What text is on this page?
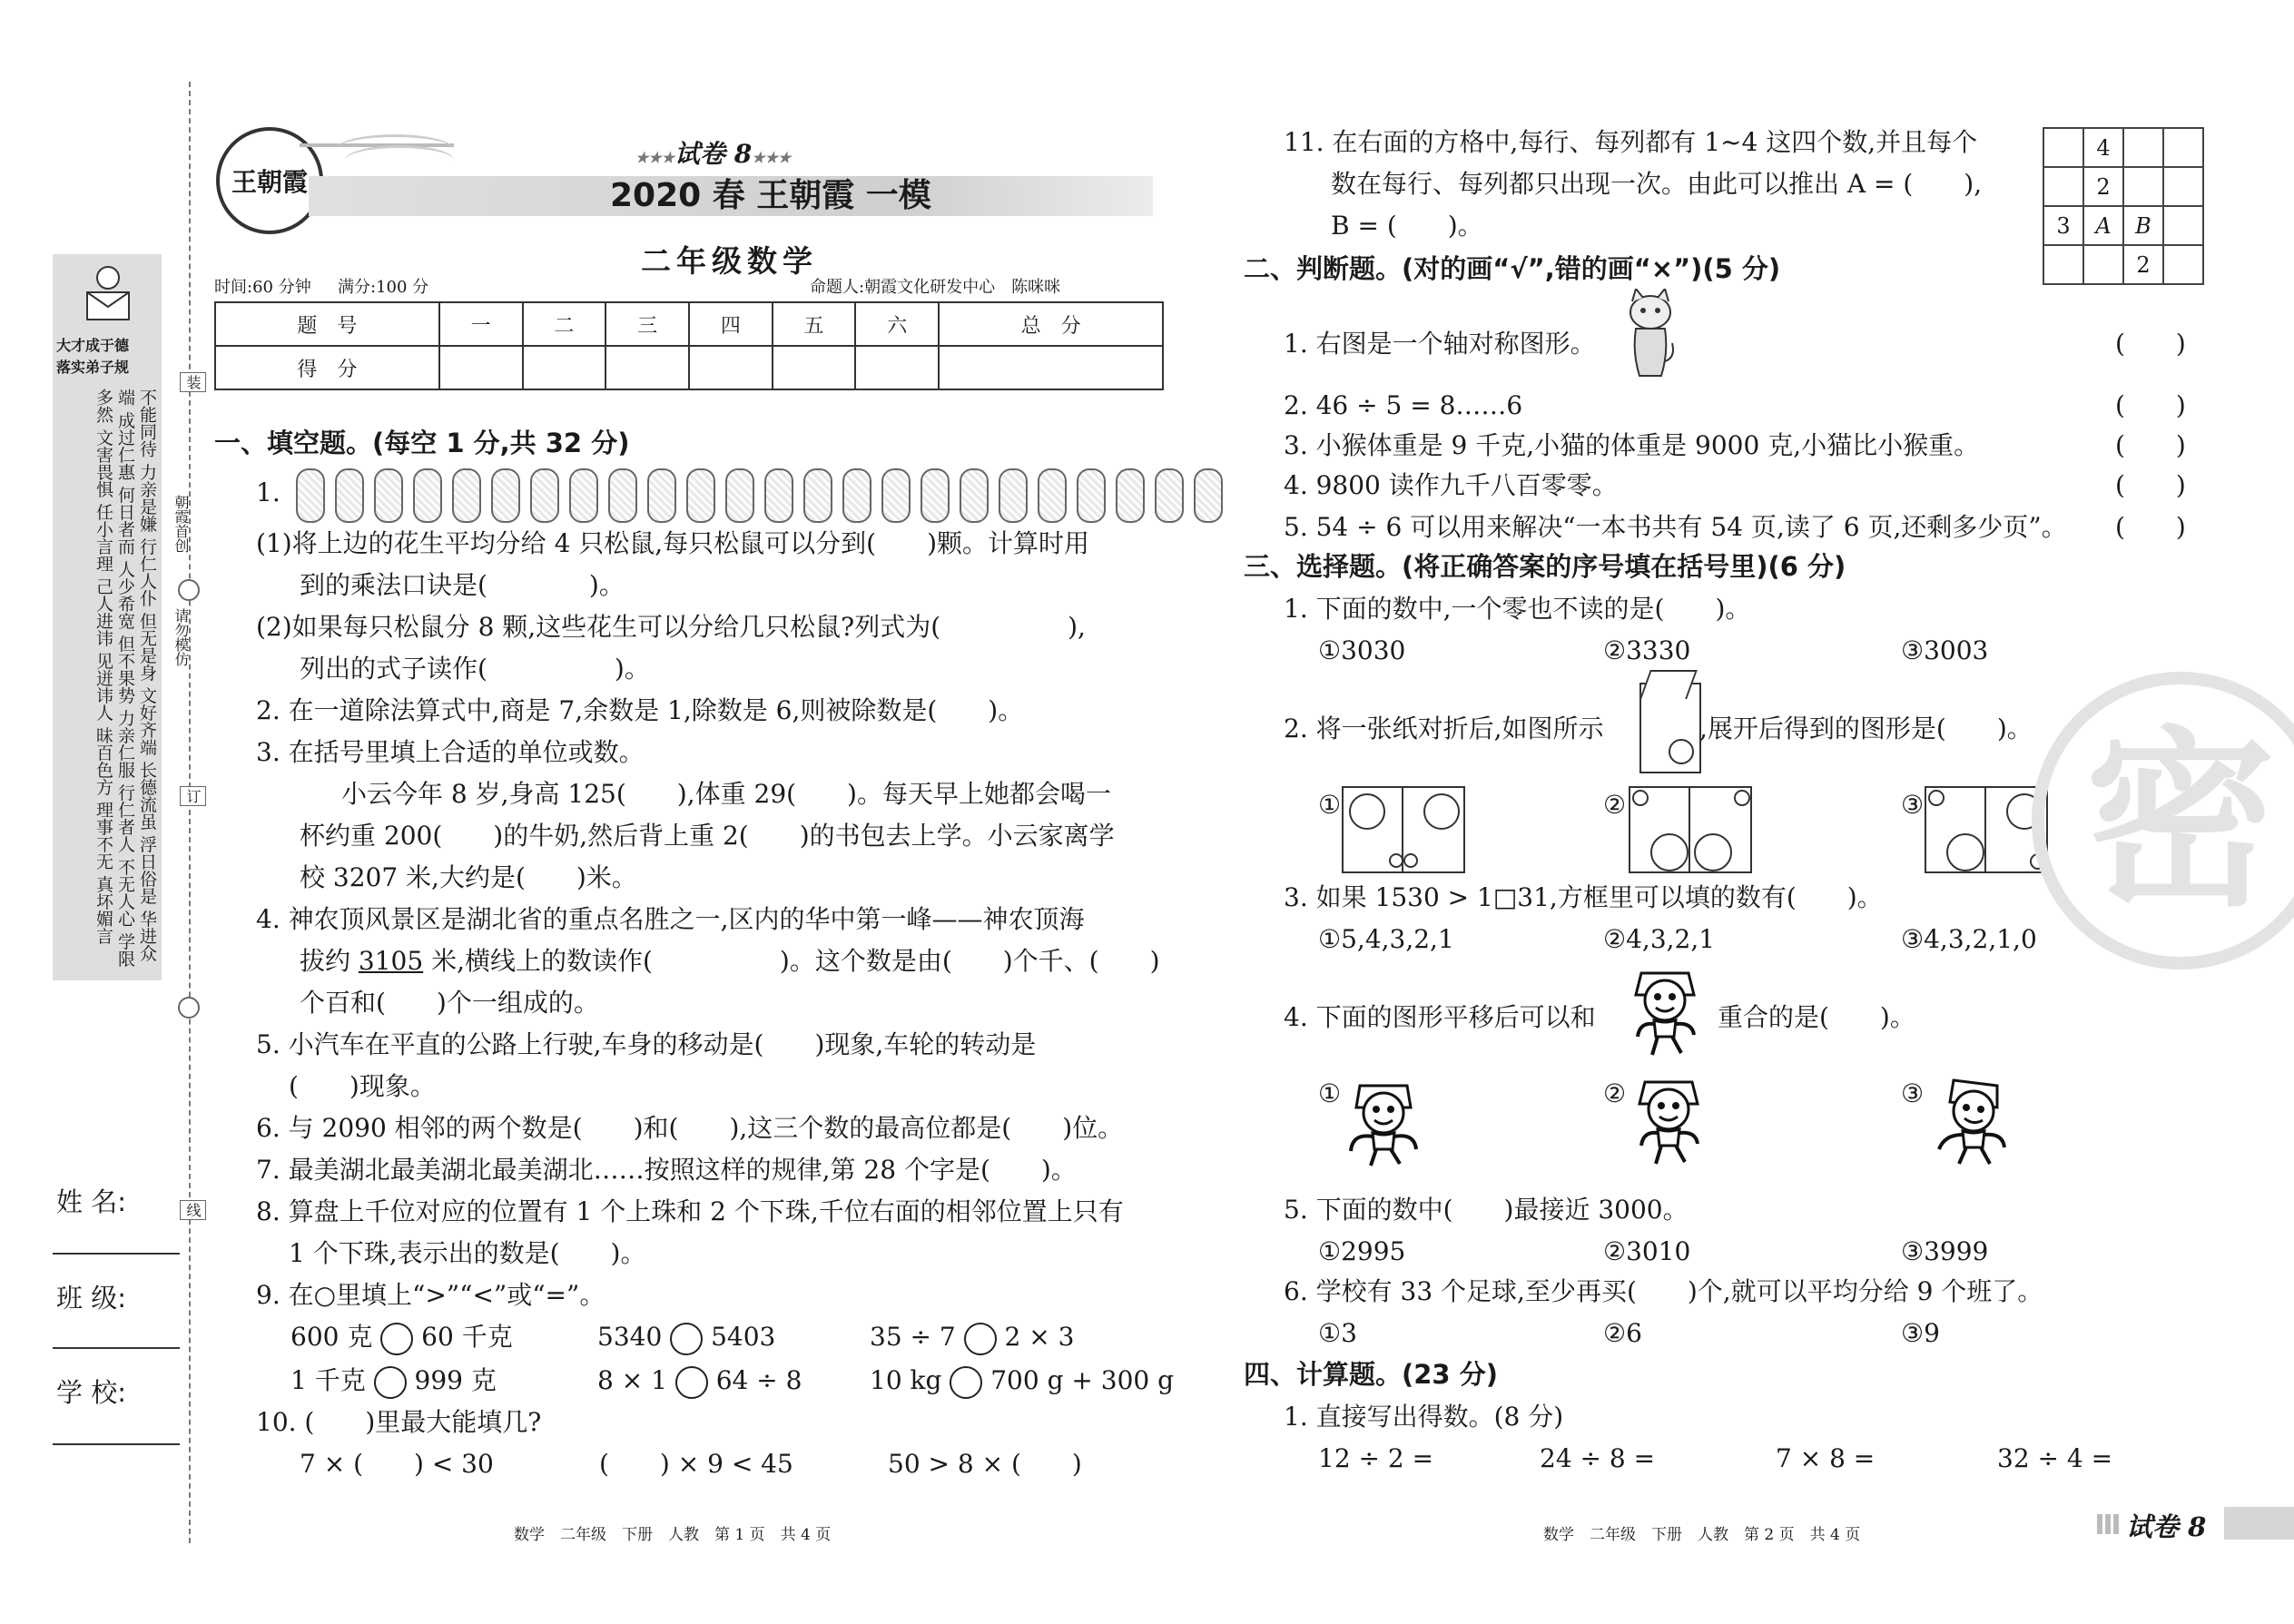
大才成于德
落实弟子规
不能同待 力亲是嫌 行仁人仆 但无是身 文好齐端 长德流虽 浮日俗是 华进众端 成过仁惠 何日者而 人少希宽 但不果势 力亲仁服 行仁者人 不无人心 学限多然 文害畏惧 任小言理 己人进讳 见迸讳人 昧百色方 理事不无 真坏媚言
姓 名:
班 级:
学 校:
装
订
线
朝霞首创
请勿模仿
王朝霞
★★★试卷 8★★★
2020 春 王朝霞 一模
二年级数学
时间:60 分钟 满分:100 分	命题人:朝霞文化研发中心　陈咪咪
题　号	一	二	三	四	五	六	总　分
得　分							
一、填空题。(每空 1 分,共 32 分)
1.
(1)将上边的花生平均分给 4 只松鼠,每只松鼠可以分到(　　)颗。计算时用
到的乘法口诀是(　　　　)。
(2)如果每只松鼠分 8 颗,这些花生可以分给几只松鼠?列式为(　　　　　),
列出的式子读作(　　　　　)。
2. 在一道除法算式中,商是 7,余数是 1,除数是 6,则被除数是(　　)。
3. 在括号里填上合适的单位或数。
小云今年 8 岁,身高 125(　　),体重 29(　　)。每天早上她都会喝一
杯约重 200(　　)的牛奶,然后背上重 2(　　)的书包去上学。小云家离学
校 3207 米,大约是(　　)米。
4. 神农顶风景区是湖北省的重点名胜之一,区内的华中第一峰——神农顶海
拔约 3105 米,横线上的数读作(　　　　　)。这个数是由(　　)个千、(　　)
个百和(　　)个一组成的。
5. 小汽车在平直的公路上行驶,车身的移动是(　　)现象,车轮的转动是
(　　)现象。
6. 与 2090 相邻的两个数是(　　)和(　　),这三个数的最高位都是(　　)位。
7. 最美湖北最美湖北最美湖北……按照这样的规律,第 28 个字是(　　)。
8. 算盘上千位对应的位置有 1 个上珠和 2 个下珠,千位右面的相邻位置上只有
1 个下珠,表示出的数是(　　)。
9. 在○里填上“>”“<”或“=”。
600 克 60 千克	5340 5403	35 ÷ 7 2 × 3
1 千克 999 克	8 × 1 64 ÷ 8	10 kg 700 g + 300 g
10. (　　)里最大能填几?
7 × (　　) < 30	(　　) × 9 < 45	50 > 8 × (　　)
数学　二年级　下册　人教　第 1 页　共 4 页
11. 在右面的方格中,每行、每列都有 1~4 这四个数,并且每个
数在每行、每列都只出现一次。由此可以推出 A = (　　),
B = (　　)。
	4		
	2		
3	A	B	
		2	
二、判断题。(对的画“√”,错的画“×”)(5 分)
1. 右图是一个轴对称图形。	(　　)
2. 46 ÷ 5 = 8……6	(　　)
3. 小猴体重是 9 千克,小猫的体重是 9000 克,小猫比小猴重。	(　　)
4. 9800 读作九千八百零零。	(　　)
5. 54 ÷ 6 可以用来解决“一本书共有 54 页,读了 6 页,还剩多少页”。 (　　)
三、选择题。(将正确答案的序号填在括号里)(6 分)
1. 下面的数中,一个零也不读的是(　　)。
①3030	②3330	③3003
2. 将一张纸对折后,如图所示	,展开后得到的图形是(　　)。
①	②	③
3. 如果 1530 > 1□31,方框里可以填的数有(　　)。
①5,4,3,2,1	②4,3,2,1	③4,3,2,1,0
4. 下面的图形平移后可以和	重合的是(　　)。
①	②	③
5. 下面的数中(　　)最接近 3000。
①2995	②3010	③3999
6. 学校有 33 个足球,至少再买(　　)个,就可以平均分给 9 个班了。
①3	②6	③9
四、计算题。(23 分)
1. 直接写出得数。(8 分)
12 ÷ 2 =	24 ÷ 8 =	7 × 8 =	32 ÷ 4 =
密
数学　二年级　下册　人教　第 2 页　共 4 页	试卷 8
